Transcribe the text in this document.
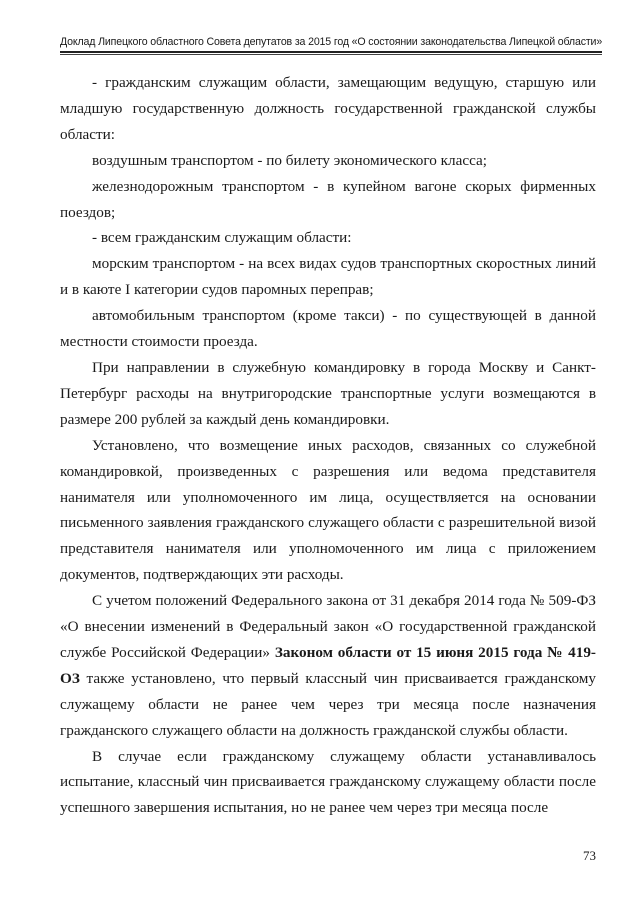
Доклад Липецкого областного Совета депутатов за 2015 год «О состоянии законодательства Липецкой области»

- гражданским служащим области, замещающим ведущую, старшую или младшую государственную должность государственной гражданской службы области:

воздушным транспортом - по билету экономического класса;

железнодорожным транспортом - в купейном вагоне скорых фирменных поездов;

- всем гражданским служащим области:

морским транспортом - на всех видах судов транспортных скоростных линий и в каюте I категории судов паромных переправ;

автомобильным транспортом (кроме такси) - по существующей в данной местности стоимости проезда.

При направлении в служебную командировку в города Москву и Санкт-Петербург расходы на внутригородские транспортные услуги возмещаются в размере 200 рублей за каждый день командировки.

Установлено, что возмещение иных расходов, связанных со служебной командировкой, произведенных с разрешения или ведома представителя нанимателя или уполномоченного им лица, осуществляется на основании письменного заявления гражданского служащего области с разрешительной визой представителя нанимателя или уполномоченного им лица с приложением документов, подтверждающих эти расходы.

С учетом положений Федерального закона от 31 декабря 2014 года № 509-ФЗ «О внесении изменений в Федеральный закон «О государственной гражданской службе Российской Федерации» Законом области от 15 июня 2015 года № 419-ОЗ также установлено, что первый классный чин присваивается гражданскому служащему области не ранее чем через три месяца после назначения гражданского служащего области на должность гражданской службы области.

В случае если гражданскому служащему области устанавливалось испытание, классный чин присваивается гражданскому служащему области после успешного завершения испытания, но не ранее чем через три месяца после

73
